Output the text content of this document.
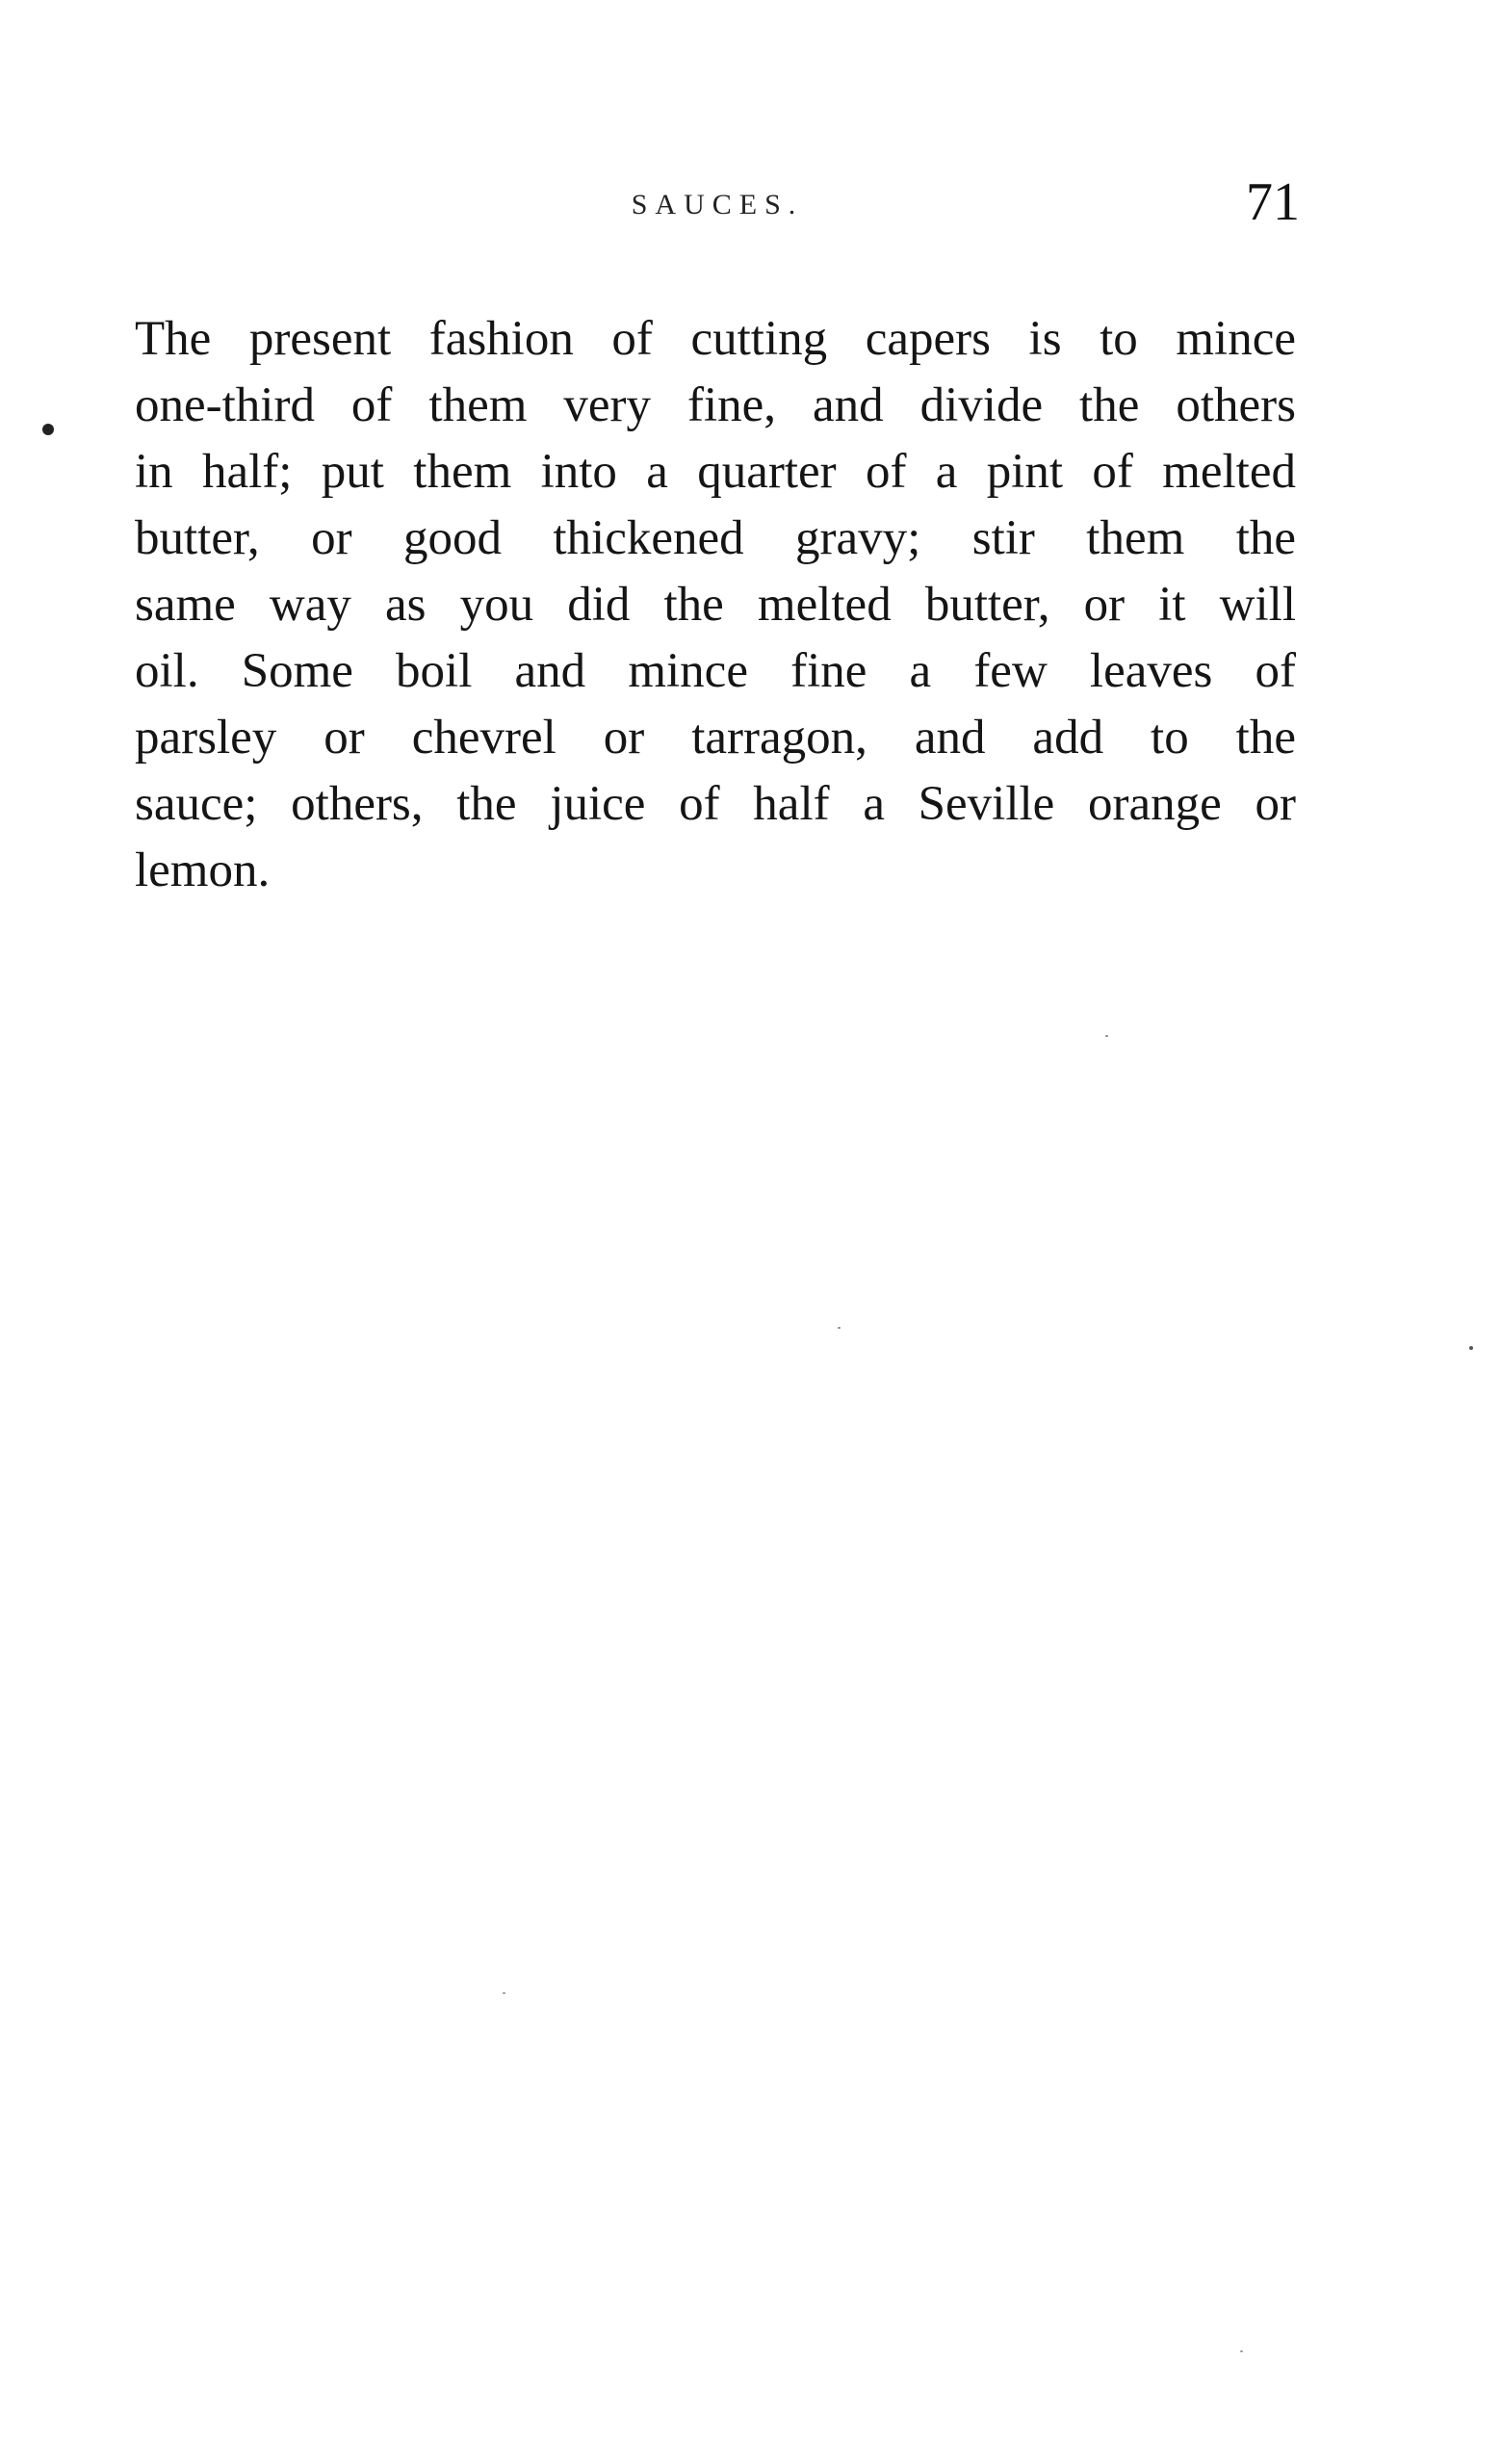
SAUCES.	71
The present fashion of cutting capers is to mince
one-third of them very fine, and divide the others
in half; put them into a quarter of a pint of melted
butter, or good thickened gravy; stir them the
same way as you did the melted butter, or it will
oil. Some boil and mince fine a few leaves of
parsley or chevrel or tarragon, and add to the
sauce; others, the juice of half a Seville orange or
lemon.
